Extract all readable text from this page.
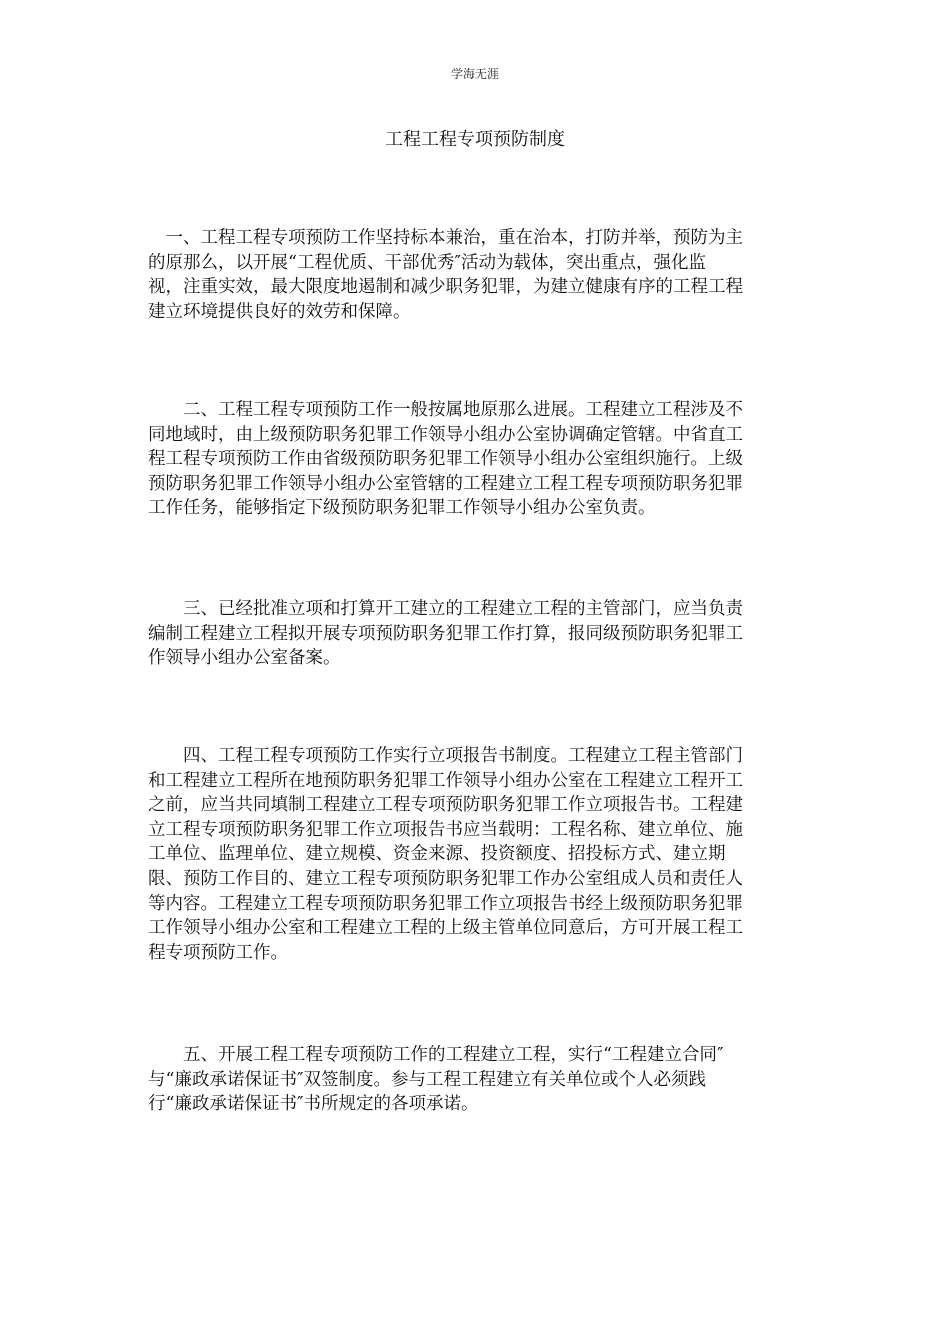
学海无涯
工程工程专项预防制度
　一、工程工程专项预防工作坚持标本兼治，重在治本，打防并举，预防为主
的原那么，以开展“工程优质、干部优秀″活动为载体，突出重点，强化监
视，注重实效，最大限度地遏制和减少职务犯罪，为建立健康有序的工程工程
建立环境提供良好的效劳和保障。
　　二、工程工程专项预防工作一般按属地原那么进展。工程建立工程涉及不
同地域时，由上级预防职务犯罪工作领导小组办公室协调确定管辖。中省直工
程工程专项预防工作由省级预防职务犯罪工作领导小组办公室组织施行。上级
预防职务犯罪工作领导小组办公室管辖的工程建立工程工程专项预防职务犯罪
工作任务，能够指定下级预防职务犯罪工作领导小组办公室负责。
　　三、已经批准立项和打算开工建立的工程建立工程的主管部门，应当负责
编制工程建立工程拟开展专项预防职务犯罪工作打算，报同级预防职务犯罪工
作领导小组办公室备案。
　　四、工程工程专项预防工作实行立项报告书制度。工程建立工程主管部门
和工程建立工程所在地预防职务犯罪工作领导小组办公室在工程建立工程开工
之前，应当共同填制工程建立工程专项预防职务犯罪工作立项报告书。工程建
立工程专项预防职务犯罪工作立项报告书应当载明：工程名称、建立单位、施
工单位、监理单位、建立规模、资金来源、投资额度、招投标方式、建立期
限、预防工作目的、建立工程专项预防职务犯罪工作办公室组成人员和责任人
等内容。工程建立工程专项预防职务犯罪工作立项报告书经上级预防职务犯罪
工作领导小组办公室和工程建立工程的上级主管单位同意后，方可开展工程工
程专项预防工作。
　　五、开展工程工程专项预防工作的工程建立工程，实行“工程建立合同″
与“廉政承诺保证书″双签制度。参与工程工程建立有关单位或个人必须践
行“廉政承诺保证书″书所规定的各项承诺。
